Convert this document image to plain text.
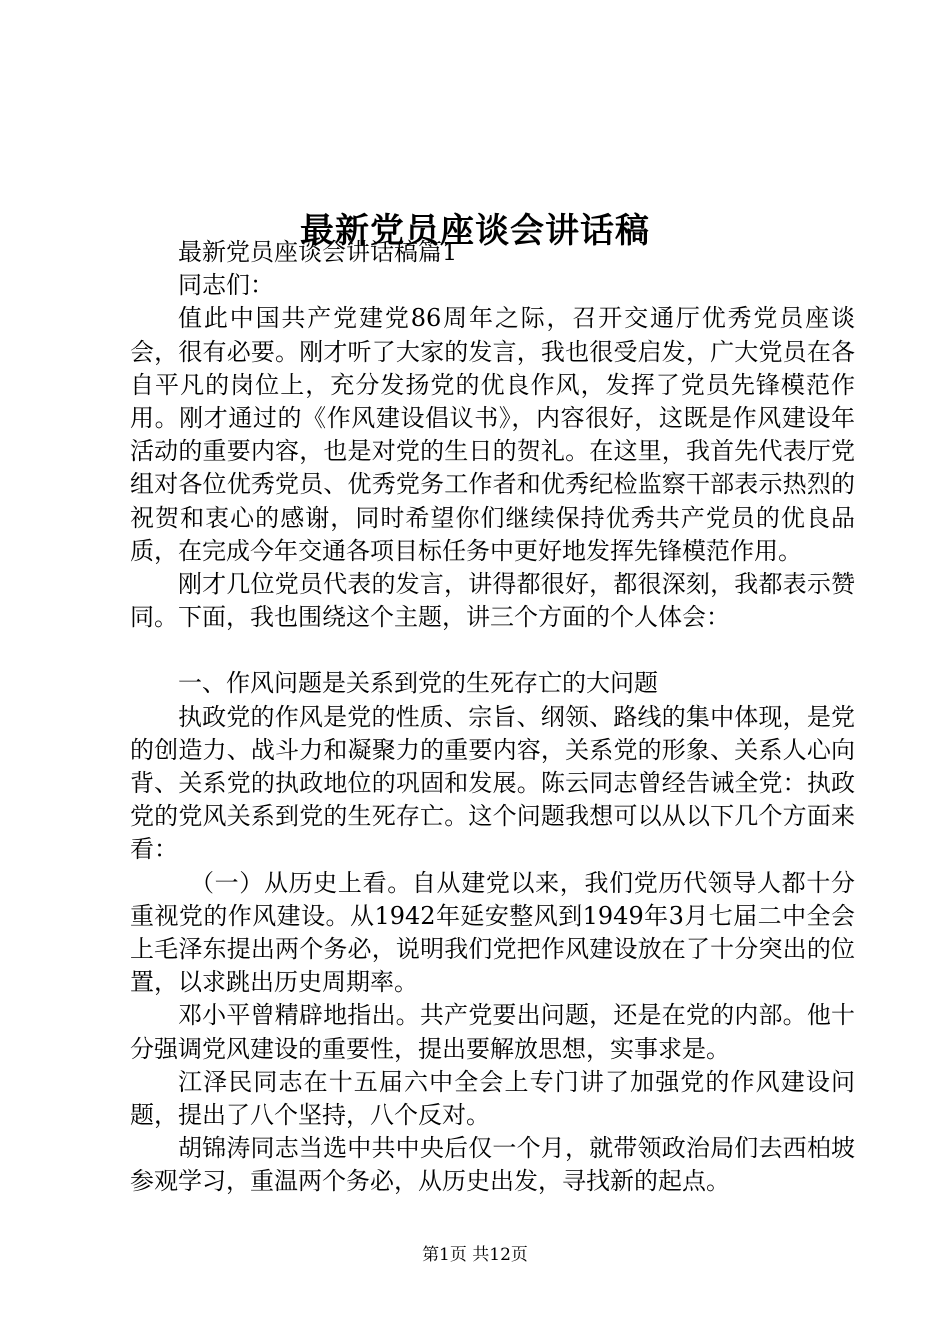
最新党员座谈会讲话稿

最新党员座谈会讲话稿篇1

同志们：

值此中国共产党建党86周年之际，召开交通厅优秀党员座谈会，很有必要。刚才听了大家的发言，我也很受启发，广大党员在各自平凡的岗位上，充分发扬党的优良作风，发挥了党员先锋模范作用。刚才通过的《作风建设倡议书》，内容很好，这既是作风建设年活动的重要内容，也是对党的生日的贺礼。在这里，我首先代表厅党组对各位优秀党员、优秀党务工作者和优秀纪检监察干部表示热烈的祝贺和衷心的感谢，同时希望你们继续保持优秀共产党员的优良品质，在完成今年交通各项目标任务中更好地发挥先锋模范作用。

刚才几位党员代表的发言，讲得都很好，都很深刻，我都表示赞同。下面，我也围绕这个主题，讲三个方面的个人体会：

一、作风问题是关系到党的生死存亡的大问题

执政党的作风是党的性质、宗旨、纲领、路线的集中体现，是党的创造力、战斗力和凝聚力的重要内容，关系党的形象、关系人心向背、关系党的执政地位的巩固和发展。陈云同志曾经告诫全党：执政党的党风关系到党的生死存亡。这个问题我想可以从以下几个方面来看：

（一）从历史上看。自从建党以来，我们党历代领导人都十分重视党的作风建设。从1942年延安整风到1949年3月七届二中全会上毛泽东提出两个务必，说明我们党把作风建设放在了十分突出的位置，以求跳出历史周期率。

邓小平曾精辟地指出。共产党要出问题，还是在党的内部。他十分强调党风建设的重要性，提出要解放思想，实事求是。

江泽民同志在十五届六中全会上专门讲了加强党的作风建设问题，提出了八个坚持，八个反对。

胡锦涛同志当选中共中央后仅一个月，就带领政治局们去西柏坡参观学习，重温两个务必，从历史出发，寻找新的起点。

第1页 共12页
